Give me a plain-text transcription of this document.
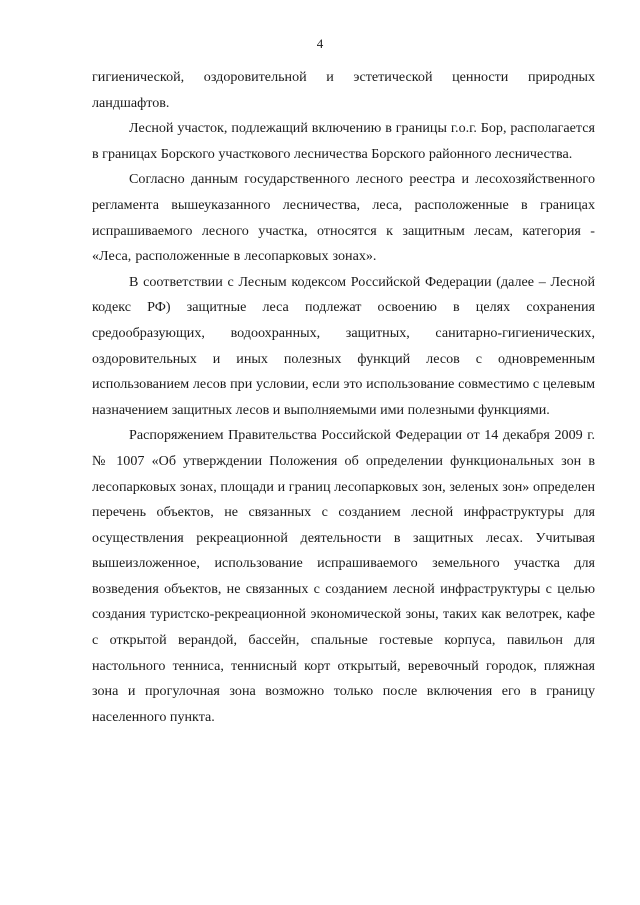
4

гигиенической, оздоровительной и эстетической ценности природных ландшафтов.

Лесной участок, подлежащий включению в границы г.о.г. Бор, располагается в границах Борского участкового лесничества Борского районного лесничества.

Согласно данным государственного лесного реестра и лесохозяйственного регламента вышеуказанного лесничества, леса, расположенные в границах испрашиваемого лесного участка, относятся к защитным лесам, категория - «Леса, расположенные в лесопарковых зонах».

В соответствии с Лесным кодексом Российской Федерации (далее – Лесной кодекс РФ) защитные леса подлежат освоению в целях сохранения средообразующих, водоохранных, защитных, санитарно-гигиенических, оздоровительных и иных полезных функций лесов с одновременным использованием лесов при условии, если это использование совместимо с целевым назначением защитных лесов и выполняемыми ими полезными функциями.

Распоряжением Правительства Российской Федерации от 14 декабря 2009 г. № 1007 «Об утверждении Положения об определении функциональных зон в лесопарковых зонах, площади и границ лесопарковых зон, зеленых зон» определен перечень объектов, не связанных с созданием лесной инфраструктуры для осуществления рекреационной деятельности в защитных лесах. Учитывая вышеизложенное, использование испрашиваемого земельного участка для возведения объектов, не связанных с созданием лесной инфраструктуры с целью создания туристско-рекреационной экономической зоны, таких как велотрек, кафе с открытой верандой, бассейн, спальные гостевые корпуса, павильон для настольного тенниса, теннисный корт открытый, веревочный городок, пляжная зона и прогулочная зона возможно только после включения его в границу населенного пункта.
